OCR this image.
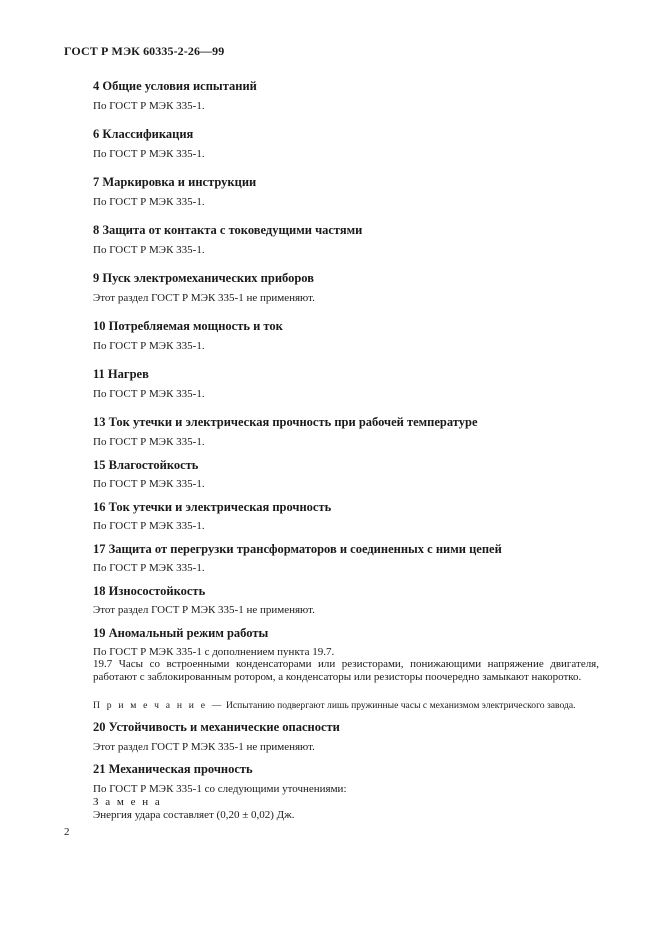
ГОСТ Р МЭК 60335-2-26—99
4 Общие условия испытаний
По ГОСТ Р МЭК 335-1.
6 Классификация
По ГОСТ Р МЭК 335-1.
7 Маркировка и инструкции
По ГОСТ Р МЭК 335-1.
8 Защита от контакта с токоведущими частями
По ГОСТ Р МЭК 335-1.
9 Пуск электромеханических приборов
Этот раздел ГОСТ Р МЭК 335-1 не применяют.
10 Потребляемая мощность и ток
По ГОСТ Р МЭК 335-1.
11 Нагрев
По ГОСТ Р МЭК 335-1.
13 Ток утечки и электрическая прочность при рабочей температуре
По ГОСТ Р МЭК 335-1.
15 Влагостойкость
По ГОСТ Р МЭК 335-1.
16 Ток утечки и электрическая прочность
По ГОСТ Р МЭК 335-1.
17 Защита от перегрузки трансформаторов и соединенных с ними цепей
По ГОСТ Р МЭК 335-1.
18 Износостойкость
Этот раздел ГОСТ Р МЭК 335-1 не применяют.
19 Аномальный режим работы
По ГОСТ Р МЭК 335-1 с дополнением пункта 19.7.
19.7 Часы со встроенными конденсаторами или резисторами, понижающими напряжение двигателя, работают с заблокированным ротором, а конденсаторы или резисторы поочередно замыкают накоротко.
П р и м е ч а н и е — Испытанию подвергают лишь пружинные часы с механизмом электрического завода.
20 Устойчивость и механические опасности
Этот раздел ГОСТ Р МЭК 335-1 не применяют.
21 Механическая прочность
По ГОСТ Р МЭК 335-1 со следующими уточнениями:
З а м е н а
Энергия удара составляет (0,20 ± 0,02) Дж.
2
